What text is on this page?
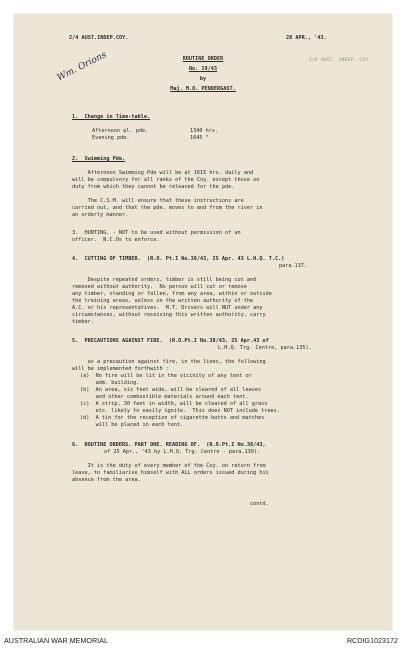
2/4 AUST.INDEP.COY.	28 APR., '43.
2/4 AUST. INDEP. COY
Wm. Orions	ROUTINE ORDER
No. 19/43
by
Maj. M.O. PENDERGAST.
1.  Change in Time-table.
Afternoon pl. pde.	1340 hrs.
Evening pde.	1645 "
2.  Swimming Pde.
Afternoon Swimming Pde will be at 1615 hrs. daily and
will be compulsory for all ranks of the Coy. except those on
duty from which they cannot be released for the pde.
The C.S.M. will ensure that these instructions are
carried out, and that the pde. moves to and from the river in
an orderly manner.
3.  HUNTING. - NOT to be used without permission of an
officer.  N.C.Os to enforce.
4.  CUTTING OF TIMBER.  (R.O. Pt.I No.38/43, 25 Apr. 43 L.H.Q. T.C.)
para.137.
Despite repeated orders, timber is still being cut and
removed without authority.  No person will cut or remove
any timber, standing or fallen, from any area, within or outside
the training areas, unless on the written authority of the
A.C. or his representatives.  M.T. Drivers will NOT under any
circumstances, without receiving this written authority, carry
timber.
5.  PRECAUTIONS AGAINST FIRE.  (R.O.Pt.I No.38/43, 25 Apr.43 of
L.H.Q. Trg. Centre, para.135).
as a precaution against fire, in the lines, the following
will be implemented forthwith :
(a)  No fire will be lit in the vicinity of any tent or
adm. building.
(b)  An area, six feet wide, will be cleared of all leaves
and other combustible materials around each tent.
(c)  A strip, 30 feet in width, will be cleared of all grass
etc. likely to easily ignite.  This does NOT include trees.
(d)  A tin for the reception of cigarette butts and matches
will be placed in each tent.
6.  ROUTINE ORDERS. PART ONE. READING OF.  (R.O.Pt.I No.38/43,
of 25 Apr., '43 by L.H.Q. Trg. Centre - para.130).
It is the duty of every member of the Coy. on return from
leave, to familiarise himself with ALL orders issued during his
absence from the area.
contd.
AUSTRALIAN WAR MEMORIAL	RCDIG1023172
